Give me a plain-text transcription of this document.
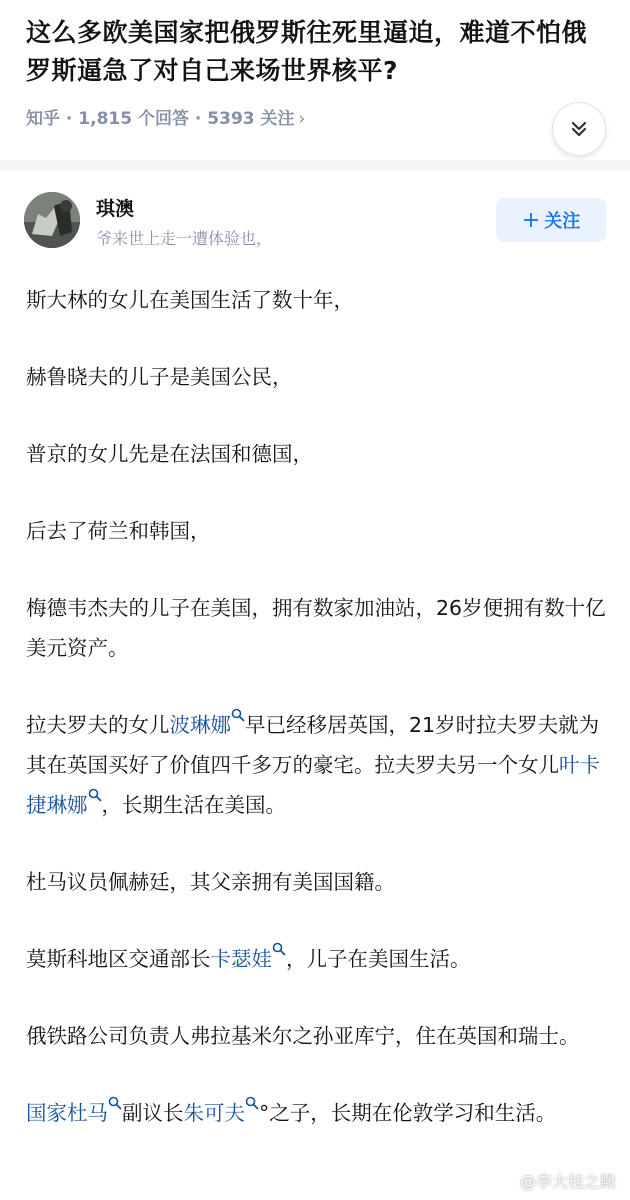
这么多欧美国家把俄罗斯往死里逼迫，难道不怕俄罗斯逼急了对自己来场世界核平?
知乎 · 1,815 个回答 · 5393 关注 ›
琪澳
爷来世上走一遭体验也，
+ 关注

斯大林的女儿在美国生活了数十年，

赫鲁晓夫的儿子是美国公民，

普京的女儿先是在法国和德国，

后去了荷兰和韩国，

梅德韦杰夫的儿子在美国，拥有数家加油站，26岁便拥有数十亿美元资产。

拉夫罗夫的女儿波琳娜 早已经移居英国，21岁时拉夫罗夫就为其在英国买好了价值四千多万的豪宅。拉夫罗夫另一个女儿叶卡捷琳娜 ，长期生活在美国。

杜马议员佩赫廷，其父亲拥有美国国籍。

莫斯科地区交通部长卡瑟娃 ，儿子在美国生活。

俄铁路公司负责人弗拉基米尔之孙亚库宁，住在英国和瑞士。

国家杜马 副议长朱可夫 °之子，长期在伦敦学习和生活。

@李大桂之殿
